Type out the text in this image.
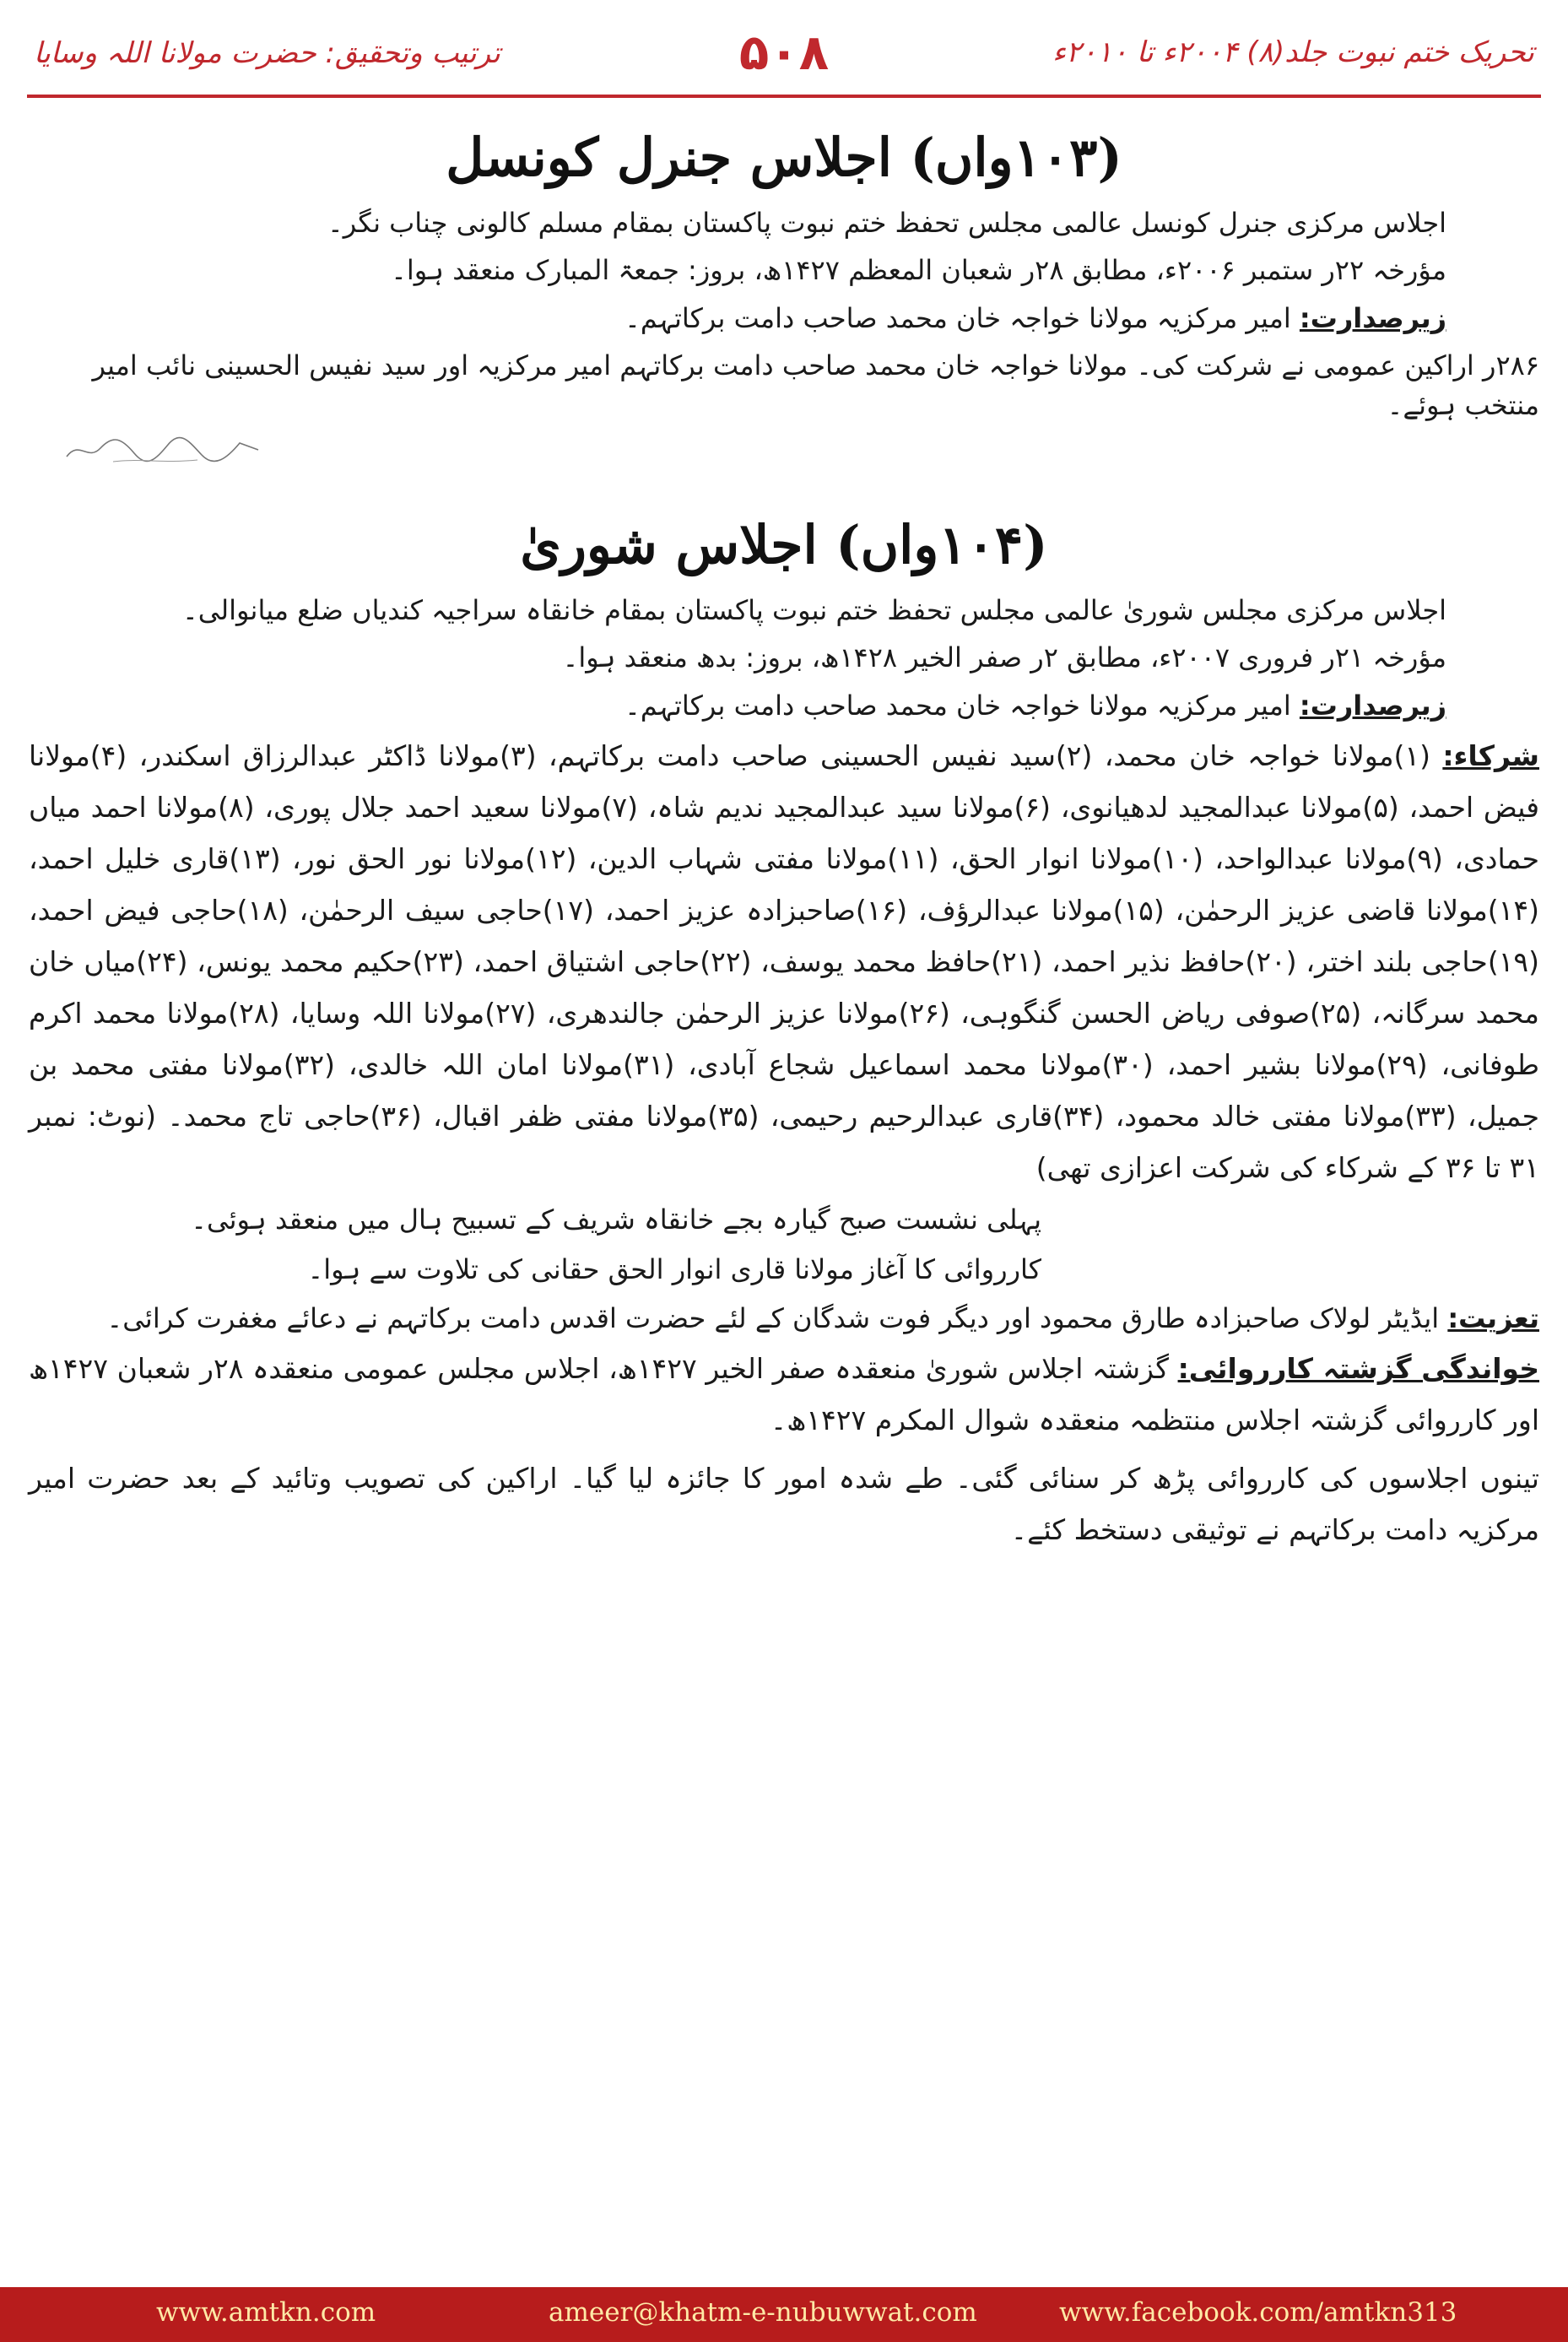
تحریک ختم نبوت جلد(۸) ۲۰۰۴ء تا ۲۰۱۰ء
۵۰۸
ترتیب وتحقیق: حضرت مولانا اللہ وسایا
(۱۰۳واں) اجلاس جنرل کونسل

اجلاس مرکزی جنرل کونسل عالمی مجلس تحفظ ختم نبوت پاکستان بمقام مسلم کالونی چناب نگر۔

مؤرخہ ۲۲ر ستمبر ۲۰۰۶ء، مطابق ۲۸ر شعبان المعظم ۱۴۲۷ھ، بروز: جمعۃ المبارک منعقد ہوا۔

زیرصدارت: امیر مرکزیہ مولانا خواجہ خان محمد صاحب دامت برکاتہم۔

۲۸۶ر اراکین عمومی نے شرکت کی۔ مولانا خواجہ خان محمد صاحب دامت برکاتہم امیر مرکزیہ اور سید نفیس الحسینی نائب امیر منتخب ہوئے۔

(۱۰۴واں) اجلاس شوریٰ

اجلاس مرکزی مجلس شوریٰ عالمی مجلس تحفظ ختم نبوت پاکستان بمقام خانقاہ سراجیہ کندیاں ضلع میانوالی۔

مؤرخہ ۲۱ر فروری ۲۰۰۷ء، مطابق ۲ر صفر الخیر ۱۴۲۸ھ، بروز: بدھ منعقد ہوا۔

زیرصدارت: امیر مرکزیہ مولانا خواجہ خان محمد صاحب دامت برکاتہم۔

شرکاء: (۱)مولانا خواجہ خان محمد، (۲)سید نفیس الحسینی صاحب دامت برکاتہم، (۳)مولانا ڈاکٹر عبدالرزاق اسکندر، (۴)مولانا فیض احمد، (۵)مولانا عبدالمجید لدھیانوی، (۶)مولانا سید عبدالمجید ندیم شاہ، (۷)مولانا سعید احمد جلال پوری، (۸)مولانا احمد میاں حمادی، (۹)مولانا عبدالواحد، (۱۰)مولانا انوار الحق، (۱۱)مولانا مفتی شہاب الدین، (۱۲)مولانا نور الحق نور، (۱۳)قاری خلیل احمد، (۱۴)مولانا قاضی عزیز الرحمٰن، (۱۵)مولانا عبدالرؤف، (۱۶)صاحبزادہ عزیز احمد، (۱۷)حاجی سیف الرحمٰن، (۱۸)حاجی فیض احمد، (۱۹)حاجی بلند اختر، (۲۰)حافظ نذیر احمد، (۲۱)حافظ محمد یوسف، (۲۲)حاجی اشتیاق احمد، (۲۳)حکیم محمد یونس، (۲۴)میاں خان محمد سرگانہ، (۲۵)صوفی ریاض الحسن گنگوہی، (۲۶)مولانا عزیز الرحمٰن جالندھری، (۲۷)مولانا اللہ وسایا، (۲۸)مولانا محمد اکرم طوفانی، (۲۹)مولانا بشیر احمد، (۳۰)مولانا محمد اسماعیل شجاع آبادی، (۳۱)مولانا امان اللہ خالدی، (۳۲)مولانا مفتی محمد بن جمیل، (۳۳)مولانا مفتی خالد محمود، (۳۴)قاری عبدالرحیم رحیمی، (۳۵)مولانا مفتی ظفر اقبال، (۳۶)حاجی تاج محمد۔ (نوٹ: نمبر ۳۱ تا ۳۶ کے شرکاء کی شرکت اعزازی تھی)

پہلی نشست صبح گیارہ بجے خانقاہ شریف کے تسبیح ہال میں منعقد ہوئی۔

کارروائی کا آغاز مولانا قاری انوار الحق حقانی کی تلاوت سے ہوا۔

تعزیت: ایڈیٹر لولاک صاحبزادہ طارق محمود اور دیگر فوت شدگان کے لئے حضرت اقدس دامت برکاتہم نے دعائے مغفرت کرائی۔

خواندگی گزشتہ کارروائی: گزشتہ اجلاس شوریٰ منعقدہ صفر الخیر ۱۴۲۷ھ، اجلاس مجلس عمومی منعقدہ ۲۸ر شعبان ۱۴۲۷ھ اور کارروائی گزشتہ اجلاس منتظمہ منعقدہ شوال المکرم ۱۴۲۷ھ۔

تینوں اجلاسوں کی کارروائی پڑھ کر سنائی گئی۔ طے شدہ امور کا جائزہ لیا گیا۔ اراکین کی تصویب وتائید کے بعد حضرت امیر مرکزیہ دامت برکاتہم نے توثیقی دستخط کئے۔

www.amtkn.com	ameer@khatm-e-nubuwwat.com	www.facebook.com/amtkn313
